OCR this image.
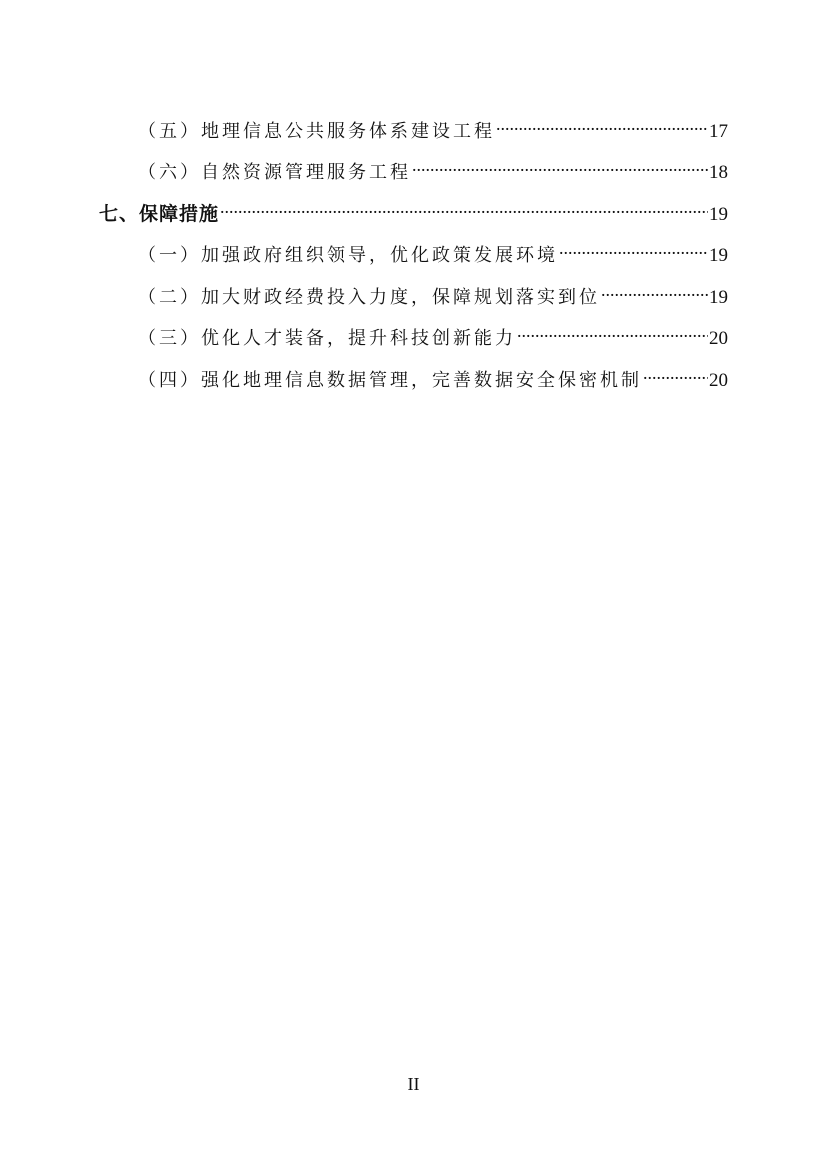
（五）地理信息公共服务体系建设工程 .....	17
（六）自然资源管理服务工程 .....	18
七、保障措施 .....	19
（一）加强政府组织领导，优化政策发展环境 .....	19
（二）加大财政经费投入力度，保障规划落实到位 .....	19
（三）优化人才装备，提升科技创新能力 .....	20
（四）强化地理信息数据管理，完善数据安全保密机制 .....	20
II
